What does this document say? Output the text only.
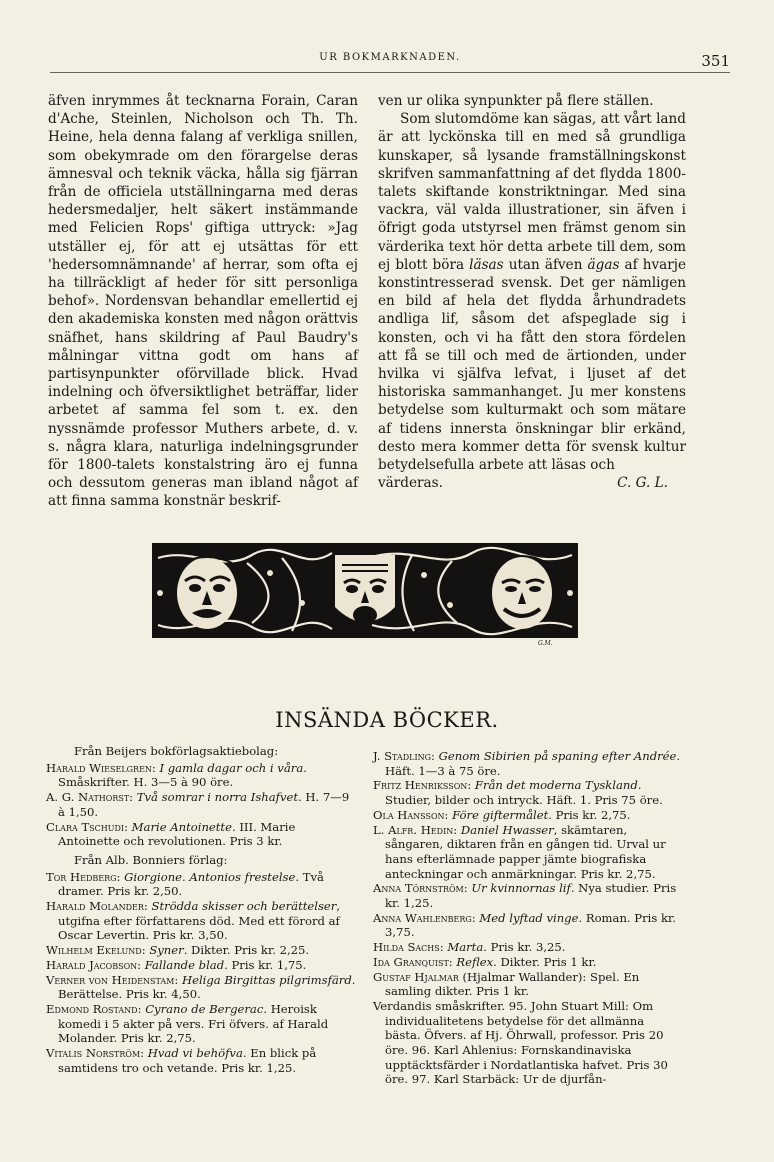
UR BOKMARKNADEN.	351

äfven inrymmes åt tecknarna Forain, Caran d'Ache, Steinlen, Nicholson och Th. Th. Heine, hela denna falang af verkliga snillen, som obekymrade om den förargelse deras ämnesval och teknik väcka, hålla sig fjärran från de officiela utställningarna med deras hedersmedaljer, helt säkert instämmande med Felicien Rops' giftiga uttryck: »Jag utställer ej, för att ej utsättas för ett 'hedersomnämnande' af herrar, som ofta ej ha tillräckligt af heder för sitt personliga behof». Nordensvan behandlar emellertid ej den akademiska konsten med någon orättvis snäfhet, hans skildring af Paul Baudry's målningar vittna godt om hans af partisynpunkter oförvillade blick. Hvad indelning och öfversiktlighet beträffar, lider arbetet af samma fel som t. ex. den nyssnämde professor Muthers arbete, d. v. s. några klara, naturliga indelningsgrunder för 1800-talets konstalstring äro ej funna och dessutom generas man ibland något af att finna samma konstnär beskrif-

ven ur olika synpunkter på flere ställen.

Som slutomdöme kan sägas, att vårt land är att lyckönska till en med så grundliga kunskaper, så lysande framställningskonst skrifven sammanfattning af det flydda 1800-talets skiftande konstriktningar. Med sina vackra, väl valda illustrationer, sin äfven i öfrigt goda utstyrsel men främst genom sin värderika text hör detta arbete till dem, som ej blott böra läsas utan äfven ägas af hvarje konstintresserad svensk. Det ger nämligen en bild af hela det flydda århundradets andliga lif, såsom det afspeglade sig i konsten, och vi ha fått den stora fördelen att få se till och med de ärtionden, under hvilka vi själfva lefvat, i ljuset af det historiska sammanhanget. Ju mer konstens betydelse som kulturmakt och som mätare af tidens innersta önskningar blir erkänd, desto mera kommer detta för svensk kultur betydelsefulla arbete att läsas och

värderas.	C. G. L.
G.M.
INSÄNDA BÖCKER.

Från Beijers bokförlagsaktiebolag:

Harald Wieselgren: I gamla dagar och i våra. Småskrifter. H. 3—5 à 90 öre.

A. G. Nathorst: Två somrar i norra Ishafvet. H. 7—9 à 1,50.

Clara Tschudi: Marie Antoinette. III. Marie Antoinette och revolutionen. Pris 3 kr.

Från Alb. Bonniers förlag:

Tor Hedberg: Giorgione. Antonios frestelse. Två dramer. Pris kr. 2,50.

Harald Molander: Strödda skisser och berättelser, utgifna efter författarens död. Med ett förord af Oscar Levertin. Pris kr. 3,50.

Wilhelm Ekelund: Syner. Dikter. Pris kr. 2,25.

Harald Jacobson: Fallande blad. Pris kr. 1,75.

Verner von Heidenstam: Heliga Birgittas pilgrimsfärd. Berättelse. Pris kr. 4,50.

Edmond Rostand: Cyrano de Bergerac. Heroisk komedi i 5 akter på vers. Fri öfvers. af Harald Molander. Pris kr. 2,75.

Vitalis Norström: Hvad vi behöfva. En blick på samtidens tro och vetande. Pris kr. 1,25.

J. Stadling: Genom Sibirien på spaning efter Andrée. Häft. 1—3 à 75 öre.

Fritz Henriksson: Från det moderna Tyskland. Studier, bilder och intryck. Häft. 1. Pris 75 öre.

Ola Hansson: Före giftermålet. Pris kr. 2,75.

L. Alfr. Hedin: Daniel Hwasser, skämtaren, sångaren, diktaren från en gången tid. Urval ur hans efterlämnade papper jämte biografiska anteckningar och anmärkningar. Pris kr. 2,75.

Anna Törnström: Ur kvinnornas lif. Nya studier. Pris kr. 1,25.

Anna Wahlenberg: Med lyftad vinge. Roman. Pris kr. 3,75.

Hilda Sachs: Marta. Pris kr. 3,25.

Ida Granquist: Reflex. Dikter. Pris 1 kr.

Gustaf Hjalmar (Hjalmar Wallander): Spel. En samling dikter. Pris 1 kr.

Verdandis småskrifter. 95. John Stuart Mill: Om individualitetens betydelse för det allmänna bästa. Öfvers. af Hj. Öhrwall, professor. Pris 20 öre. 96. Karl Ahlenius: Fornskandinaviska upptäcktsfärder i Nordatlantiska hafvet. Pris 30 öre. 97. Karl Starbäck: Ur de djurfån-
